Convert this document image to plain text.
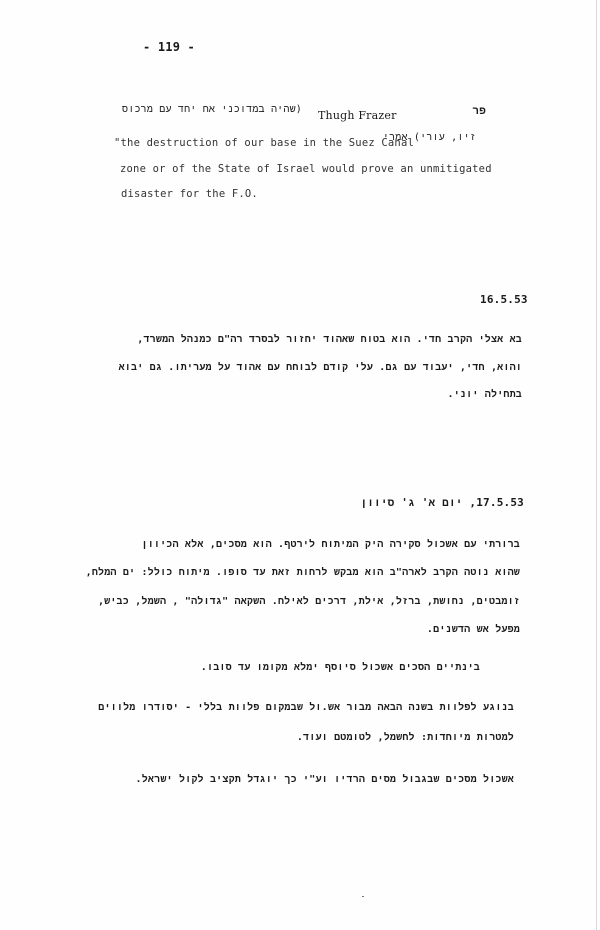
- 119 -
פר
Thugh Frazer
(שהיה במדוכני אח יחד עם מרכוס
זיו, עורי) אמרי
"the destruction of our base in the Suez Canal
zone or of the State of Israel would prove an unmitigated
disaster for the F.O.
16.5.53
בא אצלי הקרב חדי. הוא בטוח שאהוד יחזור לבסרד רה"ם כמנהל המשרד,
והוא, חדי, יעבוד עם גם. עלי קודם לבוחח עם אהוד על מעריתו. גם יבוא
בתחילה יוני.
17.5.53, יום א' ג' סיוון
ברורתי עם אשכול סקירה היק המיתוח לירטף. הוא מסכים, אלא הכיוון
שהוא נוטה הקרב לארה"ב הוא מבקש לרחות זאת עד סופו. מיתוח כולל: ים המלח,
זומבטים, נחושת, ברזל, אילת, דרכים לאילח. השקאה "גדולה" , השמל, כביש,
מפעל אש הדשנים.
בינתיים הסכים אשכול סיוסף ימלא מקומו עד סובו.
בנוגע לפלוות בשנה הבאה מבור אש.ול שבמקום פלוות בללי - יסודרו מלווים
למטרות מיוחדות: לחשמל, לטומטם ועוד.
אשכול מסכים שבגבול מסים הרדיו וע"י כך יוגדל תקציב לקול ישראל.
